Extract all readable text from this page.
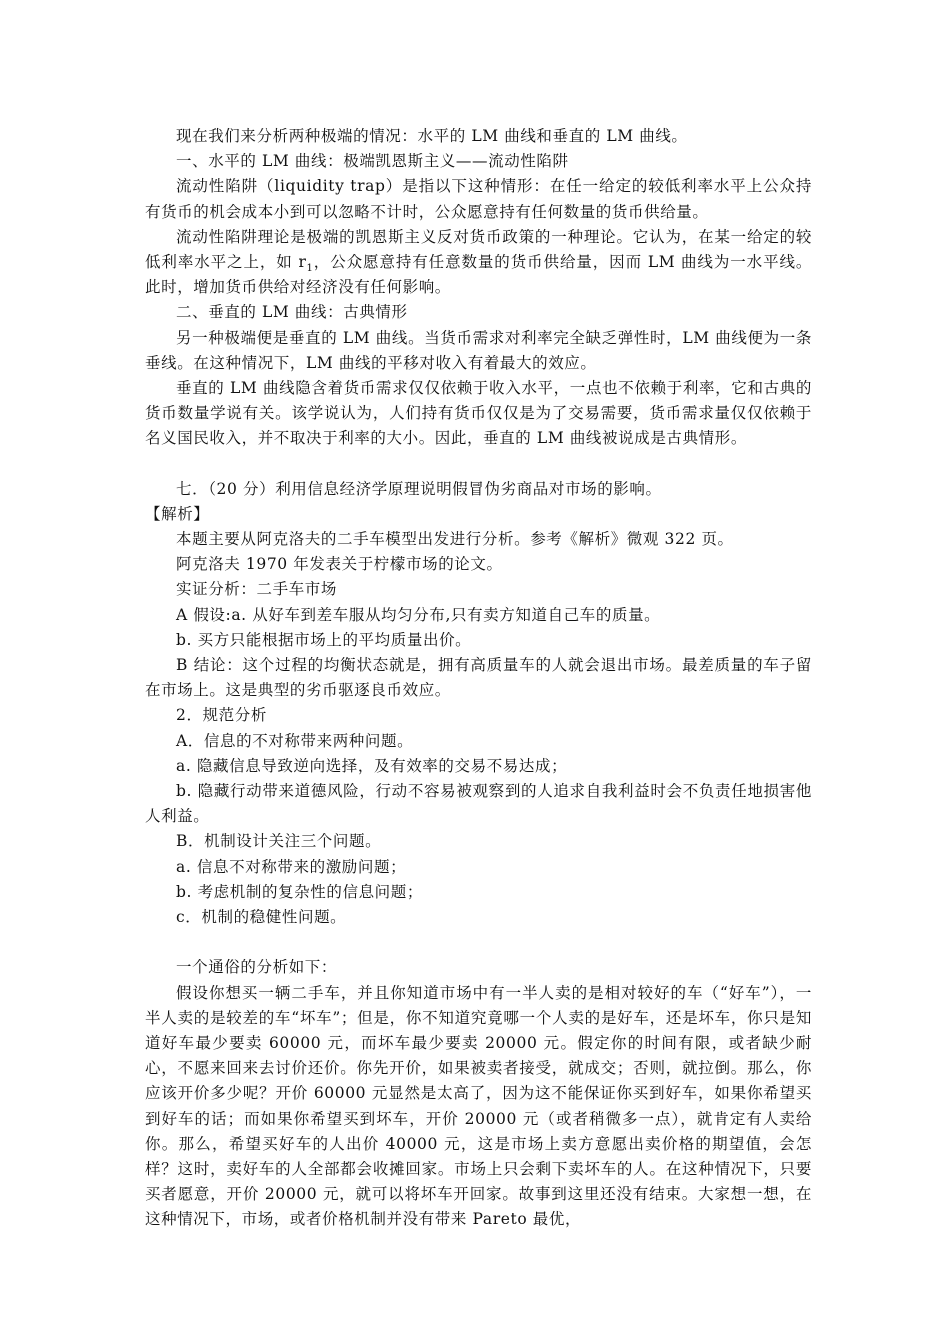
现在我们来分析两种极端的情况：水平的 LM 曲线和垂直的 LM 曲线。

一、水平的 LM 曲线：极端凯恩斯主义——流动性陷阱

流动性陷阱（liquidity trap）是指以下这种情形：在任一给定的较低利率水平上公众持有货币的机会成本小到可以忽略不计时，公众愿意持有任何数量的货币供给量。

流动性陷阱理论是极端的凯恩斯主义反对货币政策的一种理论。它认为，在某一给定的较低利率水平之上，如 $r_1$，公众愿意持有任意数量的货币供给量，因而 LM 曲线为一水平线。此时，增加货币供给对经济没有任何影响。

二、垂直的 LM 曲线：古典情形

另一种极端便是垂直的 LM 曲线。当货币需求对利率完全缺乏弹性时，LM 曲线便为一条垂线。在这种情况下，LM 曲线的平移对收入有着最大的效应。

垂直的 LM 曲线隐含着货币需求仅仅依赖于收入水平，一点也不依赖于利率，它和古典的货币数量学说有关。该学说认为，人们持有货币仅仅是为了交易需要，货币需求量仅仅依赖于名义国民收入，并不取决于利率的大小。因此，垂直的 LM 曲线被说成是古典情形。

七．（20 分）利用信息经济学原理说明假冒伪劣商品对市场的影响。

【解析】

本题主要从阿克洛夫的二手车模型出发进行分析。参考《解析》微观 322 页。

阿克洛夫 1970 年发表关于柠檬市场的论文。

实证分析：二手车市场

A 假设:a. 从好车到差车服从均匀分布,只有卖方知道自己车的质量。

b. 买方只能根据市场上的平均质量出价。

B 结论：这个过程的均衡状态就是，拥有高质量车的人就会退出市场。最差质量的车子留在市场上。这是典型的劣币驱逐良币效应。

2．规范分析

A．信息的不对称带来两种问题。

a. 隐藏信息导致逆向选择，及有效率的交易不易达成；

b. 隐藏行动带来道德风险，行动不容易被观察到的人追求自我利益时会不负责任地损害他人利益。

B．机制设计关注三个问题。

a. 信息不对称带来的激励问题；

b. 考虑机制的复杂性的信息问题；

c．机制的稳健性问题。

一个通俗的分析如下：

假设你想买一辆二手车，并且你知道市场中有一半人卖的是相对较好的车（“好车”），一半人卖的是较差的车“坏车”；但是，你不知道究竟哪一个人卖的是好车，还是坏车，你只是知道好车最少要卖 60000 元，而坏车最少要卖 20000 元。假定你的时间有限，或者缺少耐心，不愿来回来去讨价还价。你先开价，如果被卖者接受，就成交；否则，就拉倒。那么，你应该开价多少呢？开价 60000 元显然是太高了，因为这不能保证你买到好车，如果你希望买到好车的话；而如果你希望买到坏车，开价 20000 元（或者稍微多一点），就肯定有人卖给你。那么，希望买好车的人出价 40000 元，这是市场上卖方意愿出卖价格的期望值，会怎样？这时，卖好车的人全部都会收摊回家。市场上只会剩下卖坏车的人。在这种情况下，只要买者愿意，开价 20000 元，就可以将坏车开回家。故事到这里还没有结束。大家想一想，在这种情况下，市场，或者价格机制并没有带来 Pareto 最优，
